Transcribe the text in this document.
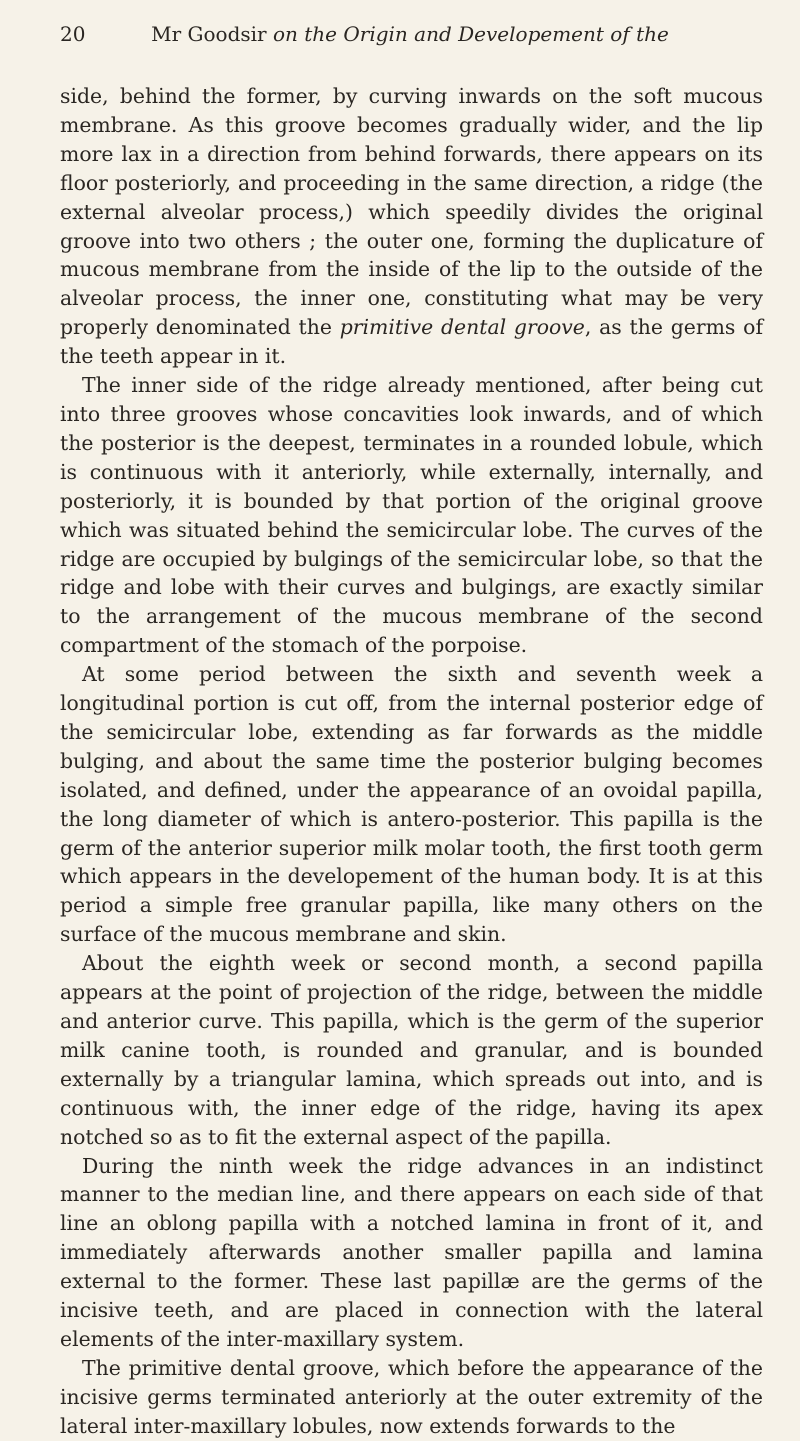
20	Mr Goodsir on the Origin and Developement of the

side, behind the former, by curving inwards on the soft mucous membrane. As this groove becomes gradually wider, and the lip more lax in a direction from behind forwards, there appears on its floor posteriorly, and proceeding in the same direction, a ridge (the external alveolar process,) which speedily divides the original groove into two others ; the outer one, forming the duplicature of mucous membrane from the inside of the lip to the outside of the alveolar process, the inner one, constituting what may be very properly denominated the primitive dental groove, as the germs of the teeth appear in it.

The inner side of the ridge already mentioned, after being cut into three grooves whose concavities look inwards, and of which the posterior is the deepest, terminates in a rounded lobule, which is continuous with it anteriorly, while externally, internally, and posteriorly, it is bounded by that portion of the original groove which was situated behind the semicircular lobe. The curves of the ridge are occupied by bulgings of the semicircular lobe, so that the ridge and lobe with their curves and bulgings, are exactly similar to the arrangement of the mucous membrane of the second compartment of the stomach of the porpoise.

At some period between the sixth and seventh week a longitudinal portion is cut off, from the internal posterior edge of the semicircular lobe, extending as far forwards as the middle bulging, and about the same time the posterior bulging becomes isolated, and defined, under the appearance of an ovoidal papilla, the long diameter of which is antero-posterior. This papilla is the germ of the anterior superior milk molar tooth, the first tooth germ which appears in the developement of the human body. It is at this period a simple free granular papilla, like many others on the surface of the mucous membrane and skin.

About the eighth week or second month, a second papilla appears at the point of projection of the ridge, between the middle and anterior curve. This papilla, which is the germ of the superior milk canine tooth, is rounded and granular, and is bounded externally by a triangular lamina, which spreads out into, and is continuous with, the inner edge of the ridge, having its apex notched so as to fit the external aspect of the papilla.

During the ninth week the ridge advances in an indistinct manner to the median line, and there appears on each side of that line an oblong papilla with a notched lamina in front of it, and immediately afterwards another smaller papilla and lamina external to the former. These last papillæ are the germs of the incisive teeth, and are placed in connection with the lateral elements of the inter-maxillary system.

The primitive dental groove, which before the appearance of the incisive germs terminated anteriorly at the outer extremity of the lateral inter-maxillary lobules, now extends forwards to the
